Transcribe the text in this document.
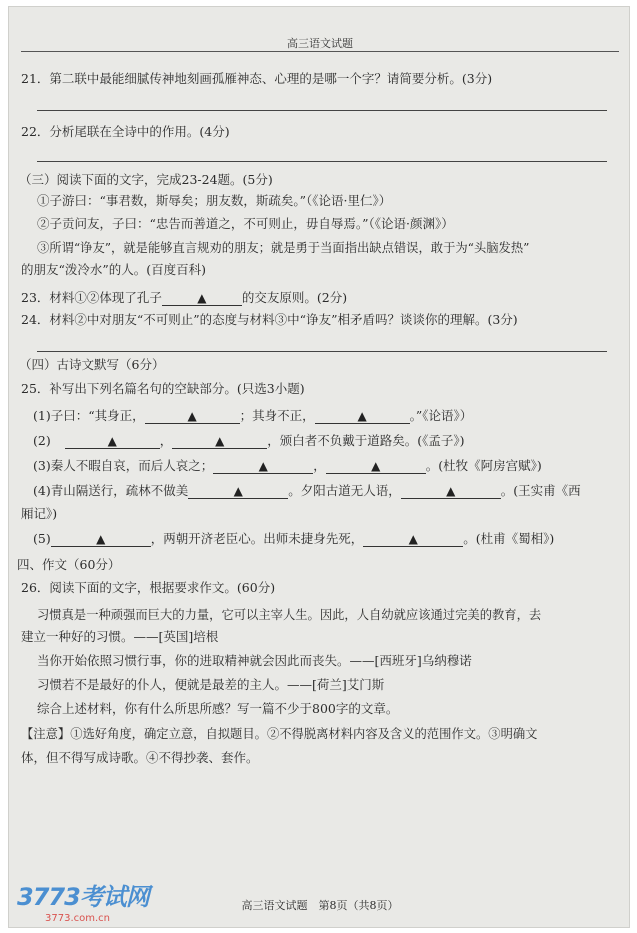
高三语文试题
21．第二联中最能细腻传神地刻画孤雁神态、心理的是哪一个字？请简要分析。(3分)
22．分析尾联在全诗中的作用。(4分)
（三）阅读下面的文字，完成23-24题。(5分)
①子游曰：“事君数，斯辱矣；朋友数，斯疏矣。”（《论语·里仁》）
②子贡问友，子曰：“忠告而善道之，不可则止，毋自辱焉。”（《论语·颜渊》）
③所谓“诤友”，就是能够直言规劝的朋友；就是勇于当面指出缺点错误，敢于为“头脑发热”
的朋友“泼冷水”的人。(百度百科)
23．材料①②体现了孔子	▲	的交友原则。(2分)
24．材料②中对朋友“不可则止”的态度与材料③中“诤友”相矛盾吗？谈谈你的理解。(3分)
（四）古诗文默写（6分）
25．补写出下列名篇名句的空缺部分。(只选3小题)
(1)子曰：“其身正，	▲	；其身不正，	▲	。”《论语》）
(2)	▲	，	▲	，颁白者不负戴于道路矣。(《孟子》)
(3)秦人不暇自哀，而后人哀之；	▲	，	▲	。(杜牧《阿房宫赋》)
(4)青山隔送行，疏林不做美	▲	。夕阳古道无人语，	▲	。(王实甫《西
厢记》)
(5)	▲	，两朝开济老臣心。出师未捷身先死，	▲	。(杜甫《蜀相》)
四、作文（60分）
26．阅读下面的文字，根据要求作文。(60分)
习惯真是一种顽强而巨大的力量，它可以主宰人生。因此，人自幼就应该通过完美的教育，去
建立一种好的习惯。——[英国]培根
当你开始依照习惯行事，你的进取精神就会因此而丧失。——[西班牙]乌纳穆诺
习惯若不是最好的仆人，便就是最差的主人。——[荷兰]艾门斯
综合上述材料，你有什么所思所感？写一篇不少于800字的文章。
【注意】①选好角度，确定立意，自拟题目。②不得脱离材料内容及含义的范围作文。③明确文
体，但不得写成诗歌。④不得抄袭、套作。
高三语文试题　第8页（共8页）
3773考试网
3773.com.cn
